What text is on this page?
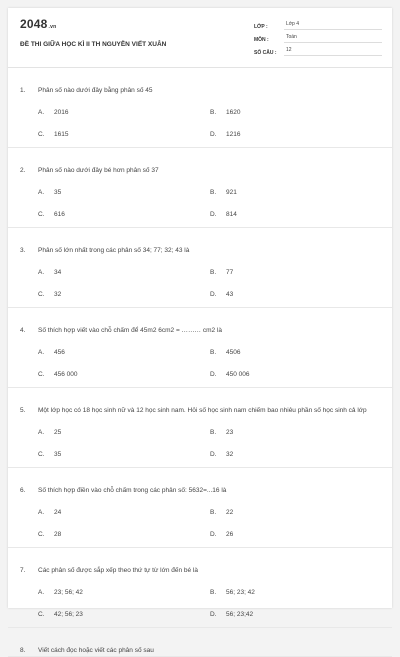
2048.vn
ĐỀ THI GIỮA HỌC KÌ II TH NGUYỄN VIẾT XUÂN
LỚP :	Lớp 4
MÔN :	Toán
SỐ CÂU :	12
1.	Phân số nào dưới đây bằng phân số 45
A.	2016	B.	1620
C.	1615	D.	1216
2.	Phân số nào dưới đây bé hơn phân số 37
A.	35	B.	921
C.	616	D.	814
3.	Phân số lớn nhất trong các phân số 34; 77; 32; 43 là
A.	34	B.	77
C.	32	D.	43
4.	Số thích hợp viết vào chỗ chấm để 45m2 6cm2 = ……… cm2 là
A.	456	B.	4506
C.	456 000	D.	450 006
5.	Một lớp học có 18 học sinh nữ và 12 học sinh nam. Hỏi số học sinh nam chiếm bao nhiêu phần số học sinh cả lớp
A.	25	B.	23
C.	35	D.	32
6.	Số thích hợp điền vào chỗ chấm trong các phân số: 5632=...16 là
A.	24	B.	22
C.	28	D.	26
7.	Các phân số được sắp xếp theo thứ tự từ lớn đến bé là
A.	23; 56; 42	B.	56; 23; 42
C.	42; 56; 23	D.	56; 23;42
8.	Viết cách đọc hoặc viết các phân số sau
